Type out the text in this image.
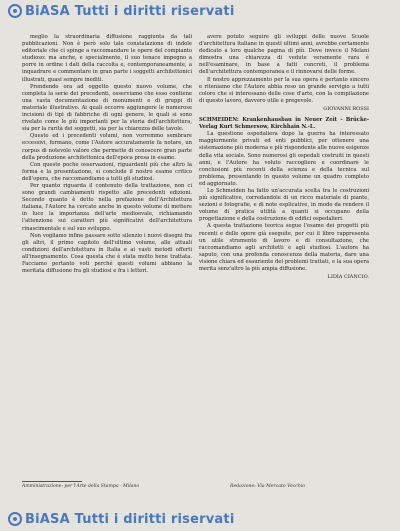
BiASA Tutti i diritti riservati

meglio la straordinaria diffusione raggiunta da tali pubblicazioni. Non è però solo tale constatazione di indole editoriale che ci spinge a raccomandare le opere del compianto studioso: ma anche, e specialmente, il suo tenace impegno a porre in ordine i dati della raccolta e, contemporaneamente, a inquadrare e commentare in gran parte i soggetti architettonici illustrati, quasi sempre inediti.

Prendendo ora ad oggetto questo nuovo volume, che completa la serie dei precedenti, osserviamo che esso contiene una vasta documentazione di monumenti e di gruppi di materiale illustrativo. Ai quali occorre aggiungere le numerose incisioni di tipi di fabbriche di ogni genere, le quali si sono rivelate come le più importanti per la storia dell'architettura, sia per la rarità dei soggetti, sia per la chiarezza delle tavole.

Questo ed i precedenti volumi, non vorremmo sembrare eccessivi, formano, come l'Autore accuratamente fa notare, un corpus di notevole valore che permette di conoscere gran parte della produzione architettonica dell'epoca presa in esame.

Con queste poche osservazioni, riguardanti più che altro la forma e la presentazione, si conclude il nostro esame critico dell'opera, che raccomandiamo a tutti gli studiosi.

Per quanto riguarda il contenuto della trattazione, non ci sono grandi cambiamenti rispetto alle precedenti edizioni. Secondo quanto è detto nella prefazione dell'Architettura italiana, l'Autore ha cercato anche in questo volume di mettere in luce la importanza dell'arte medioevale, richiamando l'attenzione sui caratteri più significativi dell'architettura rinascimentale e sul suo sviluppo.

Non vogliamo infine passare sotto silenzio i nuovi disegni fra gli altri, il primo capitolo dell'ultimo volume, alle attuali condizioni dell'architettura in Italia e ai vasti metodi offerti all'insegnamento. Cosa questa che è stata molto bene trattata. Facciamo pertanto voti perché questi volumi abbiano la meritata diffusione fra gli studiosi e fra i lettori.

avere potuto seguire gli sviluppi delle nuove Scuole d'architettura italiane in questi ultimi anni, avrebbe certamente dedicato a loro qualche pagina di più. Dove invece il Melani dimostra una chiarezza di vedute veramente rara è nell'esaminare, in base a fatti concreti, il problema dell'architettura contemporanea e il rinnovarsi delle forme.

Il nostro apprezzamento per la sua opera è pertanto sincero e riteniamo che l'Autore abbia reso un grande servigio a tutti coloro che si interessano delle cose d'arte, con la compilazione di questo lavoro, davvero utile e pregevole.

GIOVANNI ROSSI

SCHMEIDEN: Krankenhausbau in Neuer Zeit - Brücke-Verlag Kurt Schmersow, Kirchhain N.-L.

La questione ospedaliera dopo la guerra ha interessato maggiormente privati ed enti pubblici, per ottenere una sistemazione più moderna e più rispondente alle nuove esigenze della vita sociale. Sono numerosi gli ospedali costruiti in questi anni, e l'Autore ha voluto raccogliere e coordinare le conclusioni più recenti della scienza e della tecnica sul problema, presentando in questo volume un quadro completo ed aggiornato.

Lo Schmeiden ha fatto un'accurata scelta tra le costruzioni più significative, corredandole di un ricco materiale di piante, sezioni e fotografie, e di note esplicative, in modo da rendere il volume di pratica utilità a quanti si occupano della progettazione e della costruzione di edifici ospedalieri.

A questa trattazione teorica segue l'esame dei progetti più recenti e delle opere già eseguite, per cui il libro rappresenta un utile strumento di lavoro e di consultazione, che raccomandiamo agli architetti e agli studiosi. L'autore ha saputo, con una profonda conoscenza della materia, dare una visione chiara ed esauriente dei problemi trattati, e la sua opera merita senz'altro la più ampia diffusione.

LIDIA CIANCIO.

Amministrazione: per l'Arte della Stampa - Milano	Redazione: Via Mercato Vecchio
BiASA Tutti i diritti riservati
